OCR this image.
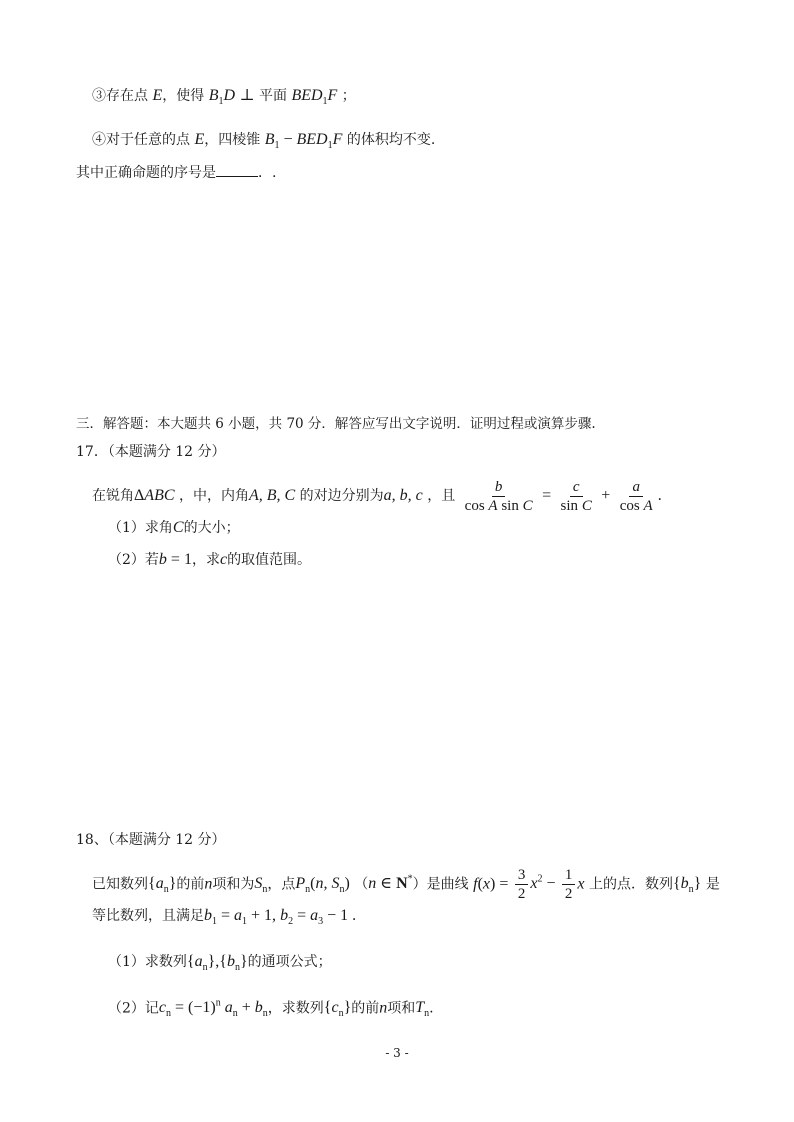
③存在点 E，使得 $B_1D$ ⊥ 平面 $BED_1F$ ；
④对于任意的点 E，四棱锥 $B_1 - BED_1F$ 的体积均不变.
其中正确命题的序号是	．.
三．解答题：本大题共 6 小题，共 70 分．解答应写出文字说明．证明过程或演算步骤.
17．（本题满分 12 分）
在锐角ΔABC ，中，内角A, B, C 的对边分别为a, b, c ，且 $\frac{b}{\text{cos A sin C}} = \frac{c}{\text{sin C}} + \frac{a}{\text{cos A}}$ .
（1）求角C的大小；
（2）若b = 1，求c的取值范围。
18、（本题满分 12 分）
已知数列$\{a_n\}$的前n项和为$S_n$，点$P_n(n$, $S_n$) （n ∈ N*）是曲线 $f(x) = \frac{3}{2} x^2 - \frac{1}{2}$ x 上的点．数列$\{b_n\}$ 是
等比数列，且满足$b_1 = a_1 + 1$, $b_2 = a_3 - 1$ .
（1）求数列$\{a_n\},\{b_n\}$的通项公式；
（2）记$c_n = (-1)^n$ $a_n + b_n$，求数列$\{c_n\}$的前n项和$T_n$.
- 3 -
